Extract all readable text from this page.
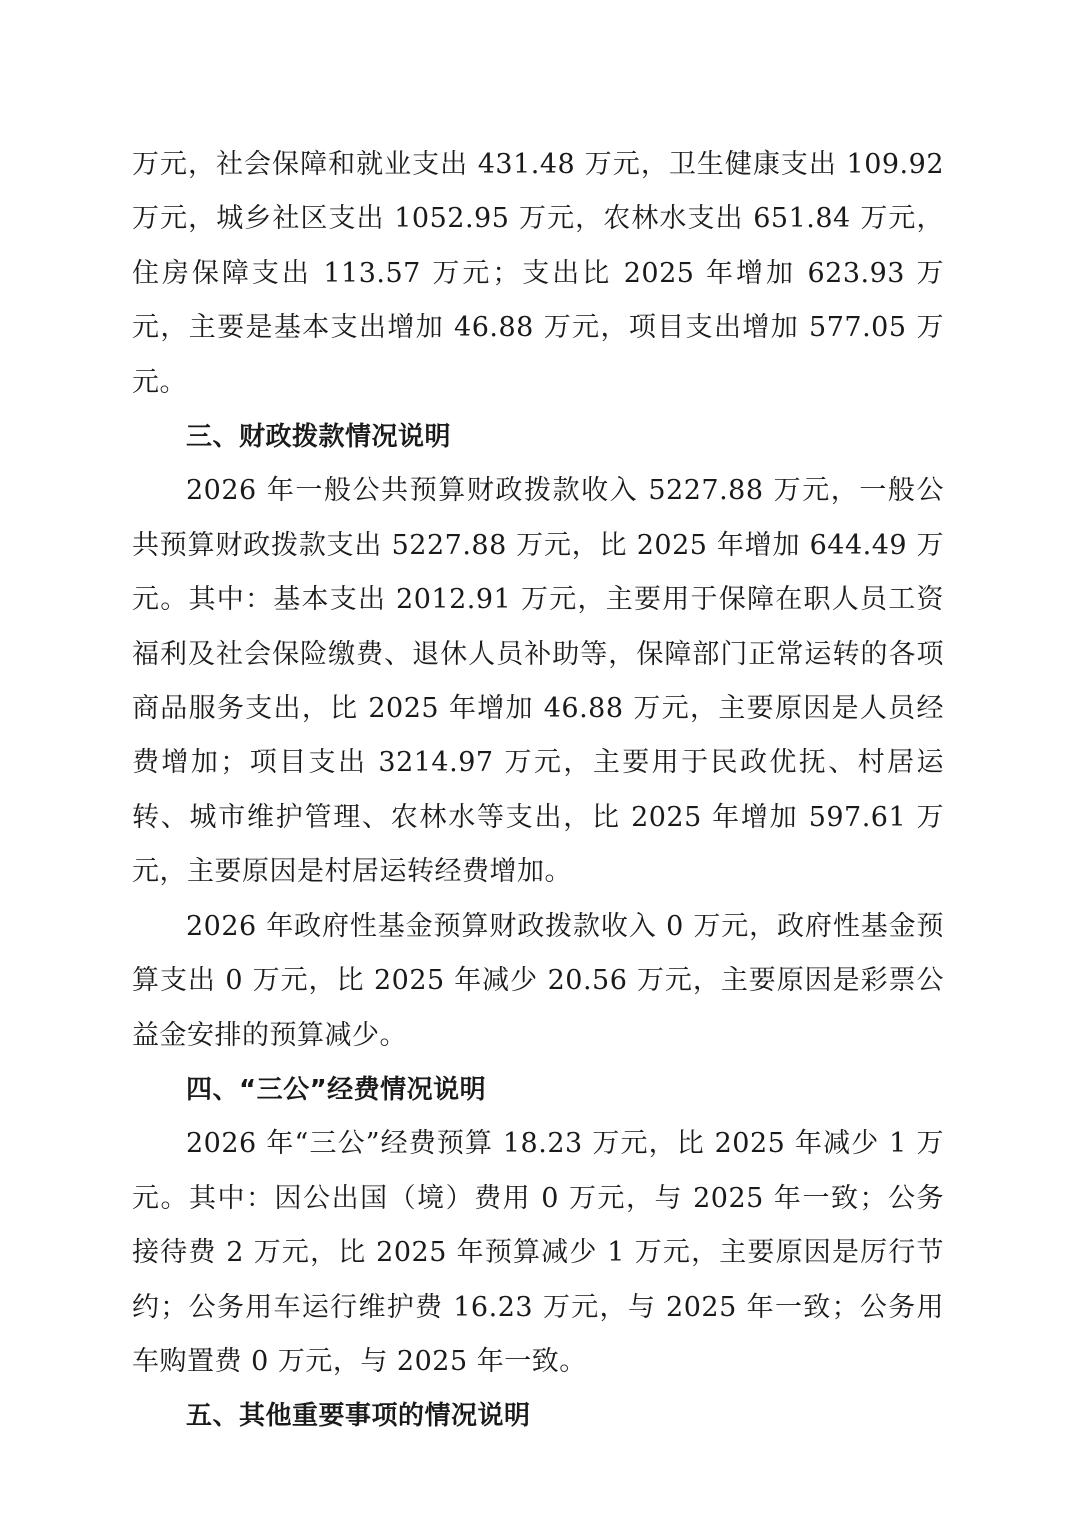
万元，社会保障和就业支出 431.48 万元，卫生健康支出 109.92 万元，城乡社区支出 1052.95 万元，农林水支出 651.84 万元，住房保障支出 113.57 万元；支出比 2025 年增加 623.93 万元，主要是基本支出增加 46.88 万元，项目支出增加 577.05 万元。

三、财政拨款情况说明

2026 年一般公共预算财政拨款收入 5227.88 万元，一般公共预算财政拨款支出 5227.88 万元，比 2025 年增加 644.49 万元。其中：基本支出 2012.91 万元，主要用于保障在职人员工资福利及社会保险缴费、退休人员补助等，保障部门正常运转的各项商品服务支出，比 2025 年增加 46.88 万元，主要原因是人员经费增加；项目支出 3214.97 万元，主要用于民政优抚、村居运转、城市维护管理、农林水等支出，比 2025 年增加 597.61 万元，主要原因是村居运转经费增加。

2026 年政府性基金预算财政拨款收入 0 万元，政府性基金预算支出 0 万元，比 2025 年减少 20.56 万元，主要原因是彩票公益金安排的预算减少。

四、“三公”经费情况说明

2026 年“三公”经费预算 18.23 万元，比 2025 年减少 1 万元。其中：因公出国（境）费用 0 万元，与 2025 年一致；公务接待费 2 万元，比 2025 年预算减少 1 万元，主要原因是厉行节约；公务用车运行维护费 16.23 万元，与 2025 年一致；公务用车购置费 0 万元，与 2025 年一致。

五、其他重要事项的情况说明
